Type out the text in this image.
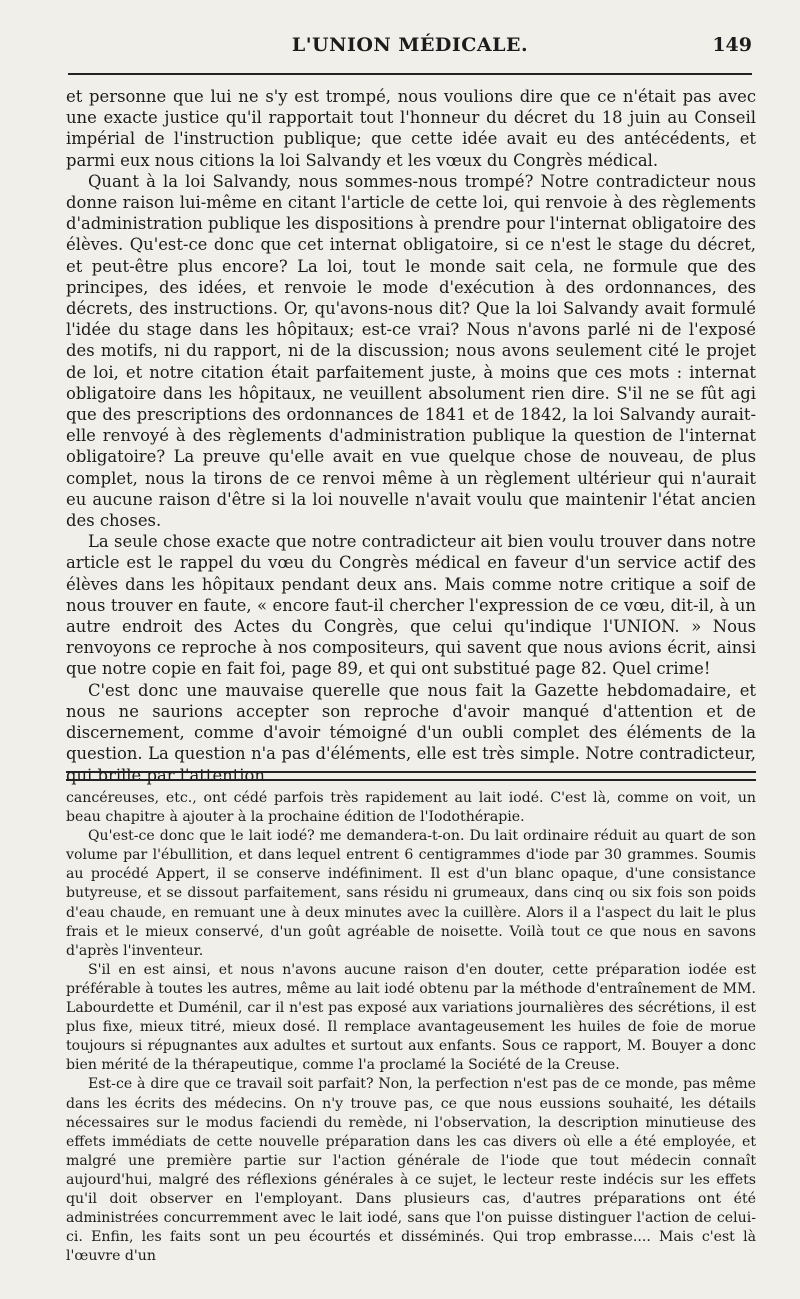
L'UNION MÉDICALE.	149

et personne que lui ne s'y est trompé, nous voulions dire que ce n'était pas avec une exacte justice qu'il rapportait tout l'honneur du décret du 18 juin au Conseil impérial de l'instruction publique; que cette idée avait eu des antécédents, et parmi eux nous citions la loi Salvandy et les vœux du Congrès médical.

Quant à la loi Salvandy, nous sommes-nous trompé? Notre contradicteur nous donne raison lui-même en citant l'article de cette loi, qui renvoie à des règlements d'administration publique les dispositions à prendre pour l'internat obligatoire des élèves. Qu'est-ce donc que cet internat obligatoire, si ce n'est le stage du décret, et peut-être plus encore? La loi, tout le monde sait cela, ne formule que des principes, des idées, et renvoie le mode d'exécution à des ordonnances, des décrets, des instructions. Or, qu'avons-nous dit? Que la loi Salvandy avait formulé l'idée du stage dans les hôpitaux; est-ce vrai? Nous n'avons parlé ni de l'exposé des motifs, ni du rapport, ni de la discussion; nous avons seulement cité le projet de loi, et notre citation était parfaitement juste, à moins que ces mots : internat obligatoire dans les hôpitaux, ne veuillent absolument rien dire. S'il ne se fût agi que des prescriptions des ordonnances de 1841 et de 1842, la loi Salvandy aurait-elle renvoyé à des règlements d'administration publique la question de l'internat obligatoire? La preuve qu'elle avait en vue quelque chose de nouveau, de plus complet, nous la tirons de ce renvoi même à un règlement ultérieur qui n'aurait eu aucune raison d'être si la loi nouvelle n'avait voulu que maintenir l'état ancien des choses.

La seule chose exacte que notre contradicteur ait bien voulu trouver dans notre article est le rappel du vœu du Congrès médical en faveur d'un service actif des élèves dans les hôpitaux pendant deux ans. Mais comme notre critique a soif de nous trouver en faute, « encore faut-il chercher l'expression de ce vœu, dit-il, à un autre endroit des Actes du Congrès, que celui qu'indique l'UNION. » Nous renvoyons ce reproche à nos compositeurs, qui savent que nous avions écrit, ainsi que notre copie en fait foi, page 89, et qui ont substitué page 82. Quel crime!

C'est donc une mauvaise querelle que nous fait la Gazette hebdomadaire, et nous ne saurions accepter son reproche d'avoir manqué d'attention et de discernement, comme d'avoir témoigné d'un oubli complet des éléments de la question. La question n'a pas d'éléments, elle est très simple. Notre contradicteur, qui brille par l'attention

cancéreuses, etc., ont cédé parfois très rapidement au lait iodé. C'est là, comme on voit, un beau chapitre à ajouter à la prochaine édition de l'Iodothérapie.

Qu'est-ce donc que le lait iodé? me demandera-t-on. Du lait ordinaire réduit au quart de son volume par l'ébullition, et dans lequel entrent 6 centigrammes d'iode par 30 grammes. Soumis au procédé Appert, il se conserve indéfiniment. Il est d'un blanc opaque, d'une consistance butyreuse, et se dissout parfaitement, sans résidu ni grumeaux, dans cinq ou six fois son poids d'eau chaude, en remuant une à deux minutes avec la cuillère. Alors il a l'aspect du lait le plus frais et le mieux conservé, d'un goût agréable de noisette. Voilà tout ce que nous en savons d'après l'inventeur.

S'il en est ainsi, et nous n'avons aucune raison d'en douter, cette préparation iodée est préférable à toutes les autres, même au lait iodé obtenu par la méthode d'entraînement de MM. Labourdette et Duménil, car il n'est pas exposé aux variations journalières des sécrétions, il est plus fixe, mieux titré, mieux dosé. Il remplace avantageusement les huiles de foie de morue toujours si répugnantes aux adultes et surtout aux enfants. Sous ce rapport, M. Bouyer a donc bien mérité de la thérapeutique, comme l'a proclamé la Société de la Creuse.

Est-ce à dire que ce travail soit parfait? Non, la perfection n'est pas de ce monde, pas même dans les écrits des médecins. On n'y trouve pas, ce que nous eussions souhaité, les détails nécessaires sur le modus faciendi du remède, ni l'observation, la description minutieuse des effets immédiats de cette nouvelle préparation dans les cas divers où elle a été employée, et malgré une première partie sur l'action générale de l'iode que tout médecin connaît aujourd'hui, malgré des réflexions générales à ce sujet, le lecteur reste indécis sur les effets qu'il doit observer en l'employant. Dans plusieurs cas, d'autres préparations ont été administrées concurremment avec le lait iodé, sans que l'on puisse distinguer l'action de celui-ci. Enfin, les faits sont un peu écourtés et disséminés. Qui trop embrasse.... Mais c'est là l'œuvre d'un
